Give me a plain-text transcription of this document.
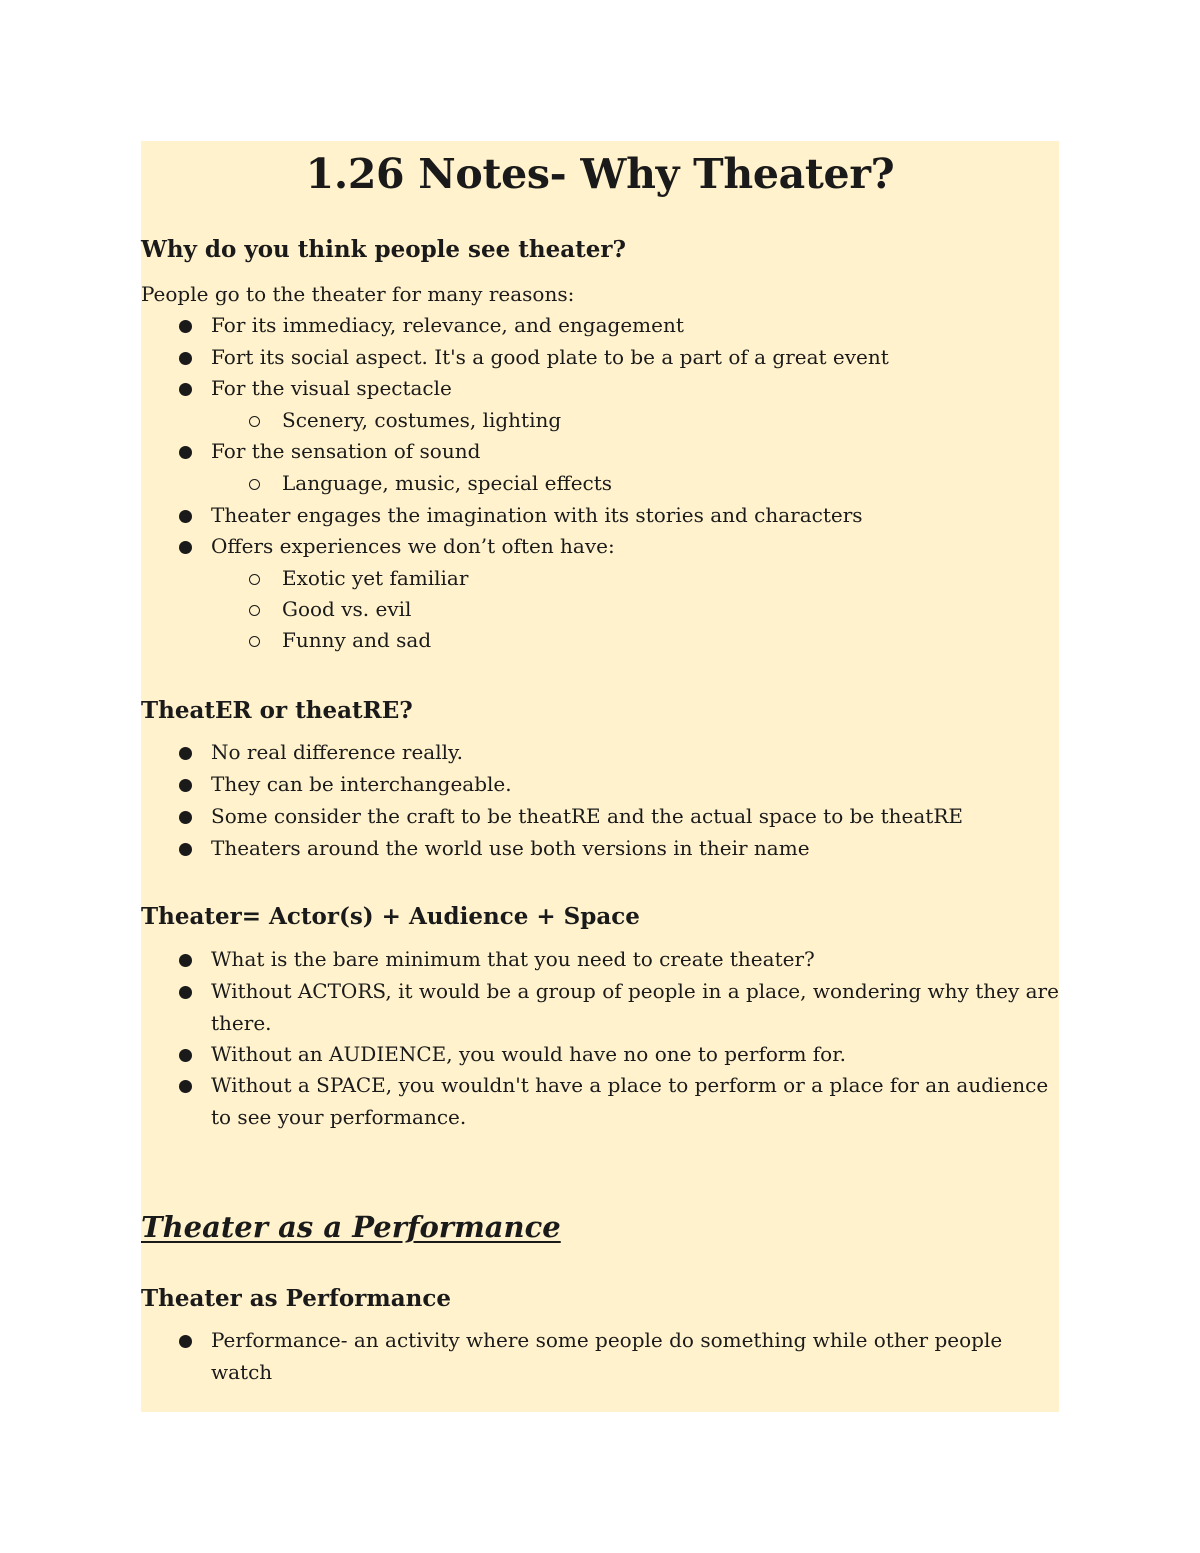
1.26 Notes- Why Theater?
Why do you think people see theater?

People go to the theater for many reasons:

For its immediacy, relevance, and engagement
Fort its social aspect. It's a good plate to be a part of a great event
For the visual spectacle
Scenery, costumes, lighting
For the sensation of sound
Language, music, special effects
Theater engages the imagination with its stories and characters
Offers experiences we don’t often have:
Exotic yet familiar
Good vs. evil
Funny and sad
TheatER or theatRE?
No real difference really.
They can be interchangeable.
Some consider the craft to be theatRE and the actual space to be theatRE
Theaters around the world use both versions in their name
Theater= Actor(s) + Audience + Space
What is the bare minimum that you need to create theater?
Without ACTORS, it would be a group of people in a place, wondering why they are there.
Without an AUDIENCE, you would have no one to perform for.
Without a SPACE, you wouldn't have a place to perform or a place for an audience to see your performance.
Theater as a Performance
Theater as Performance
Performance- an activity where some people do something while other people watch
